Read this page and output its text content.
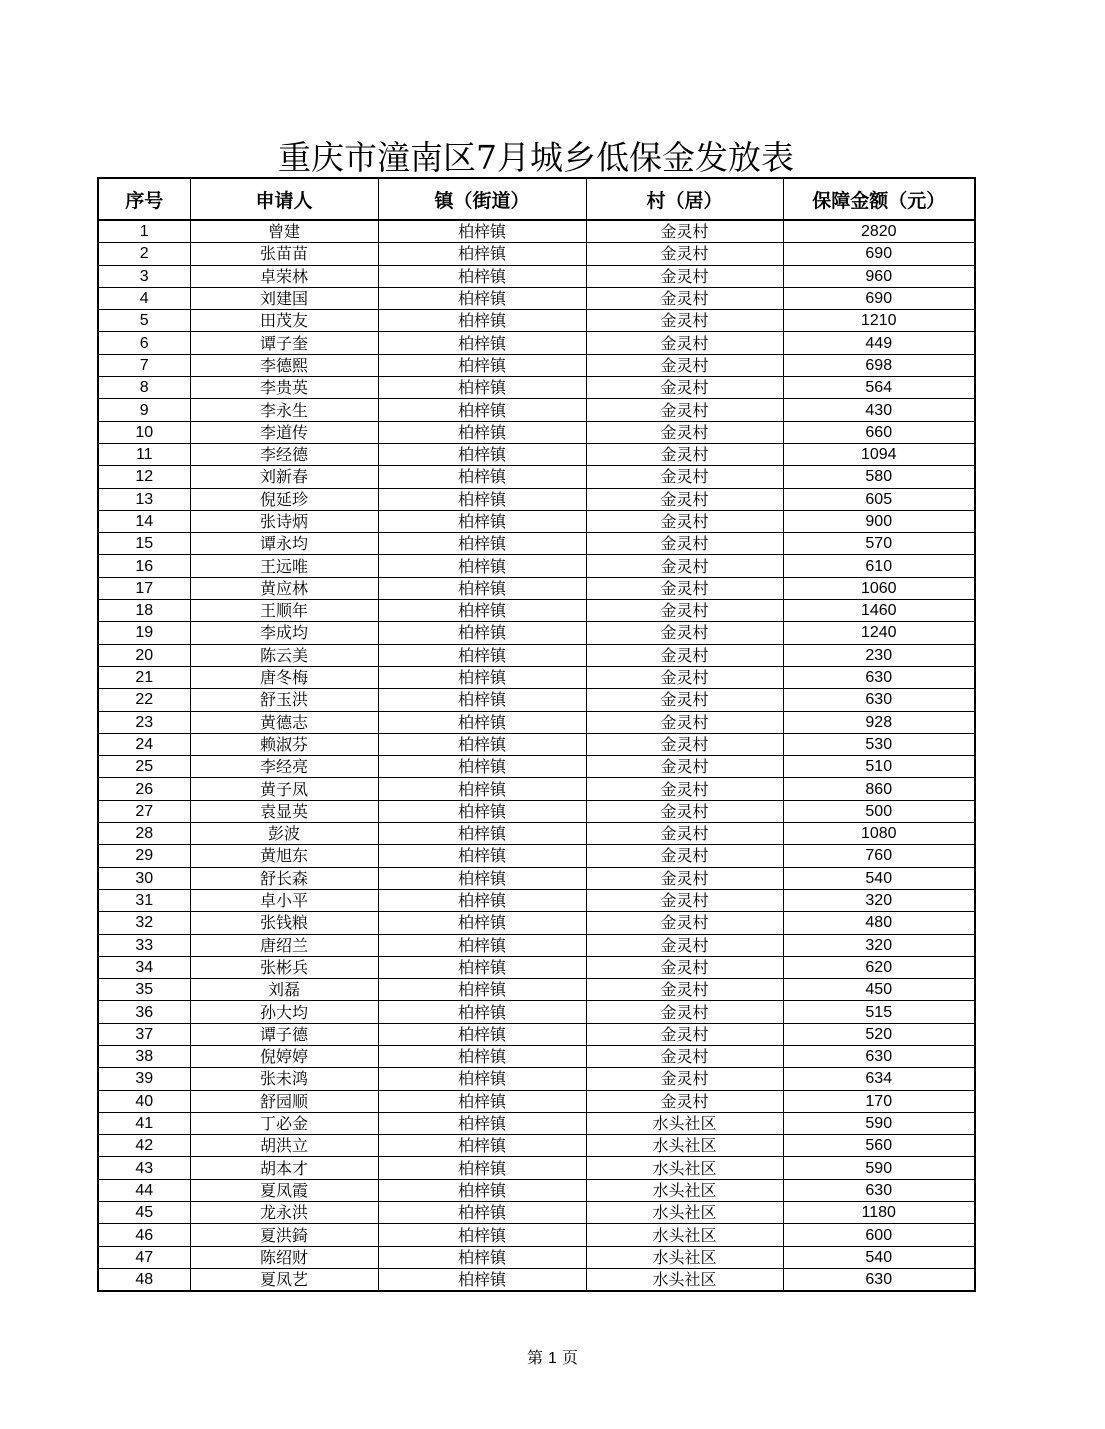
重庆市潼南区7月城乡低保金发放表
序号	申请人	镇（街道）	村（居）	保障金额（元）
1	曾建	柏梓镇	金灵村	2820
2	张苗苗	柏梓镇	金灵村	690
3	卓荣林	柏梓镇	金灵村	960
4	刘建国	柏梓镇	金灵村	690
5	田茂友	柏梓镇	金灵村	1210
6	谭子奎	柏梓镇	金灵村	449
7	李德熙	柏梓镇	金灵村	698
8	李贵英	柏梓镇	金灵村	564
9	李永生	柏梓镇	金灵村	430
10	李道传	柏梓镇	金灵村	660
11	李经德	柏梓镇	金灵村	1094
12	刘新春	柏梓镇	金灵村	580
13	倪延珍	柏梓镇	金灵村	605
14	张诗炳	柏梓镇	金灵村	900
15	谭永均	柏梓镇	金灵村	570
16	王远唯	柏梓镇	金灵村	610
17	黄应林	柏梓镇	金灵村	1060
18	王顺年	柏梓镇	金灵村	1460
19	李成均	柏梓镇	金灵村	1240
20	陈云美	柏梓镇	金灵村	230
21	唐冬梅	柏梓镇	金灵村	630
22	舒玉洪	柏梓镇	金灵村	630
23	黄德志	柏梓镇	金灵村	928
24	赖淑芬	柏梓镇	金灵村	530
25	李经亮	柏梓镇	金灵村	510
26	黄子凤	柏梓镇	金灵村	860
27	袁显英	柏梓镇	金灵村	500
28	彭波	柏梓镇	金灵村	1080
29	黄旭东	柏梓镇	金灵村	760
30	舒长森	柏梓镇	金灵村	540
31	卓小平	柏梓镇	金灵村	320
32	张钱粮	柏梓镇	金灵村	480
33	唐绍兰	柏梓镇	金灵村	320
34	张彬兵	柏梓镇	金灵村	620
35	刘磊	柏梓镇	金灵村	450
36	孙大均	柏梓镇	金灵村	515
37	谭子德	柏梓镇	金灵村	520
38	倪婷婷	柏梓镇	金灵村	630
39	张未鸿	柏梓镇	金灵村	634
40	舒园顺	柏梓镇	金灵村	170
41	丁必金	柏梓镇	水头社区	590
42	胡洪立	柏梓镇	水头社区	560
43	胡本才	柏梓镇	水头社区	590
44	夏凤霞	柏梓镇	水头社区	630
45	龙永洪	柏梓镇	水头社区	1180
46	夏洪錡	柏梓镇	水头社区	600
47	陈绍财	柏梓镇	水头社区	540
48	夏凤艺	柏梓镇	水头社区	630
第 1 页
